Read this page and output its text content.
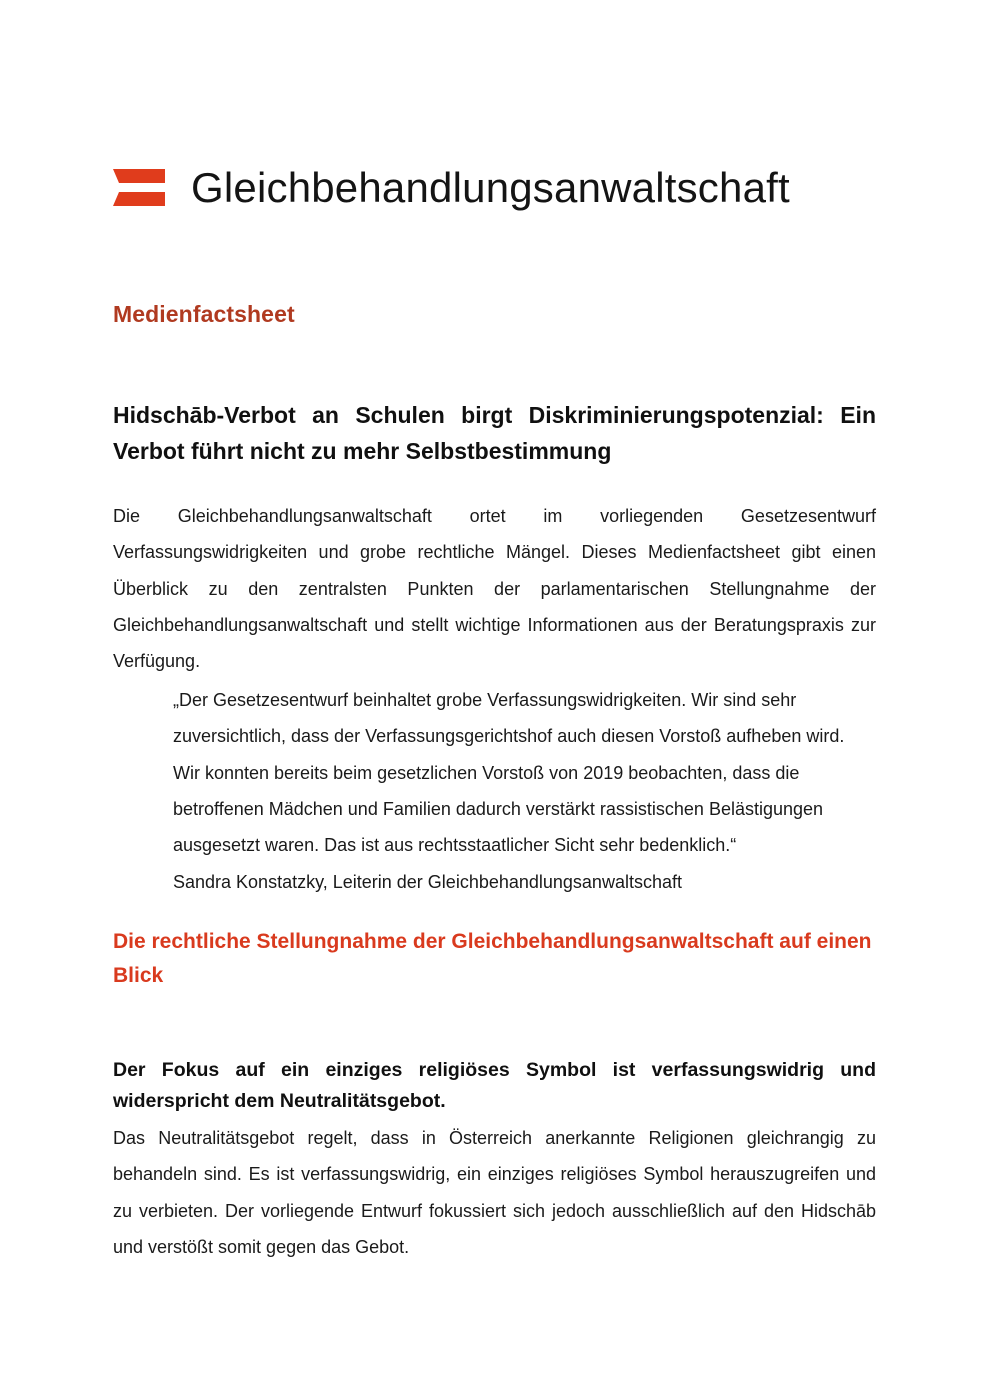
Gleichbehandlungsanwaltschaft
Medienfactsheet
Hidschāb-Verbot an Schulen birgt Diskriminierungspotenzial: Ein Verbot führt nicht zu mehr Selbstbestimmung

Die Gleichbehandlungsanwaltschaft ortet im vorliegenden Gesetzesentwurf Verfassungswidrigkeiten und grobe rechtliche Mängel. Dieses Medienfactsheet gibt einen Überblick zu den zentralsten Punkten der parlamentarischen Stellungnahme der Gleichbehandlungsanwaltschaft und stellt wichtige Informationen aus der Beratungspraxis zur Verfügung.

„Der Gesetzesentwurf beinhaltet grobe Verfassungswidrigkeiten. Wir sind sehr zuversichtlich, dass der Verfassungsgerichtshof auch diesen Vorstoß aufheben wird. Wir konnten bereits beim gesetzlichen Vorstoß von 2019 beobachten, dass die betroffenen Mädchen und Familien dadurch verstärkt rassistischen Belästigungen ausgesetzt waren. Das ist aus rechtsstaatlicher Sicht sehr bedenklich.“

Sandra Konstatzky, Leiterin der Gleichbehandlungsanwaltschaft

Die rechtliche Stellungnahme der Gleichbehandlungsanwaltschaft auf einen Blick
Der Fokus auf ein einziges religiöses Symbol ist verfassungswidrig und widerspricht dem Neutralitätsgebot.

Das Neutralitätsgebot regelt, dass in Österreich anerkannte Religionen gleichrangig zu behandeln sind. Es ist verfassungswidrig, ein einziges religiöses Symbol herauszugreifen und zu verbieten. Der vorliegende Entwurf fokussiert sich jedoch ausschließlich auf den Hidschāb und verstößt somit gegen das Gebot.
